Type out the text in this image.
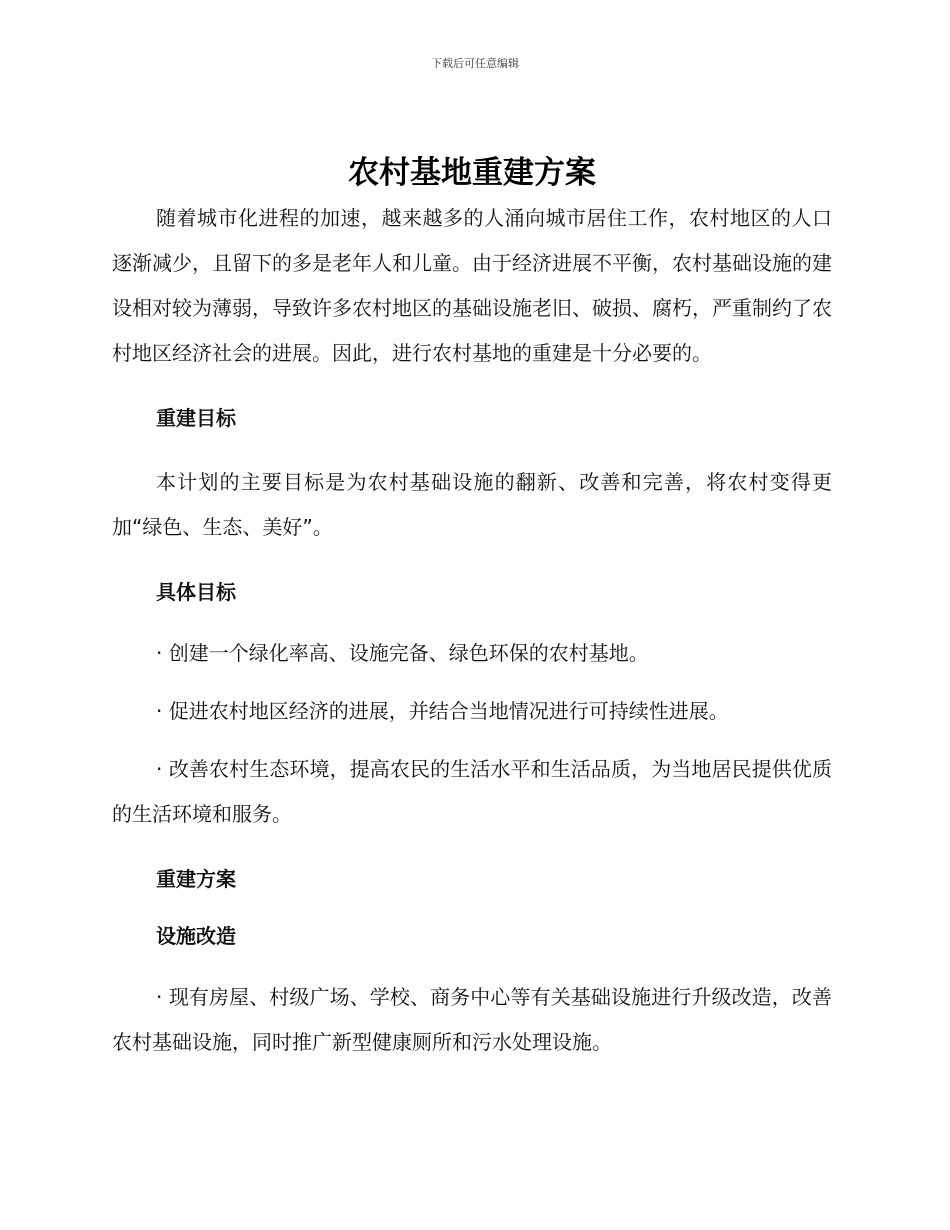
下载后可任意编辑
农村基地重建方案

随着城市化进程的加速，越来越多的人涌向城市居住工作，农村地区的人口逐渐减少，且留下的多是老年人和儿童。由于经济进展不平衡，农村基础设施的建设相对较为薄弱，导致许多农村地区的基础设施老旧、破损、腐朽，严重制约了农村地区经济社会的进展。因此，进行农村基地的重建是十分必要的。

重建目标

本计划的主要目标是为农村基础设施的翻新、改善和完善，将农村变得更加“绿色、生态、美好”。

具体目标

· 创建一个绿化率高、设施完备、绿色环保的农村基地。

· 促进农村地区经济的进展，并结合当地情况进行可持续性进展。

· 改善农村生态环境，提高农民的生活水平和生活品质，为当地居民提供优质的生活环境和服务。

重建方案
设施改造

· 现有房屋、村级广场、学校、商务中心等有关基础设施进行升级改造，改善农村基础设施，同时推广新型健康厕所和污水处理设施。
